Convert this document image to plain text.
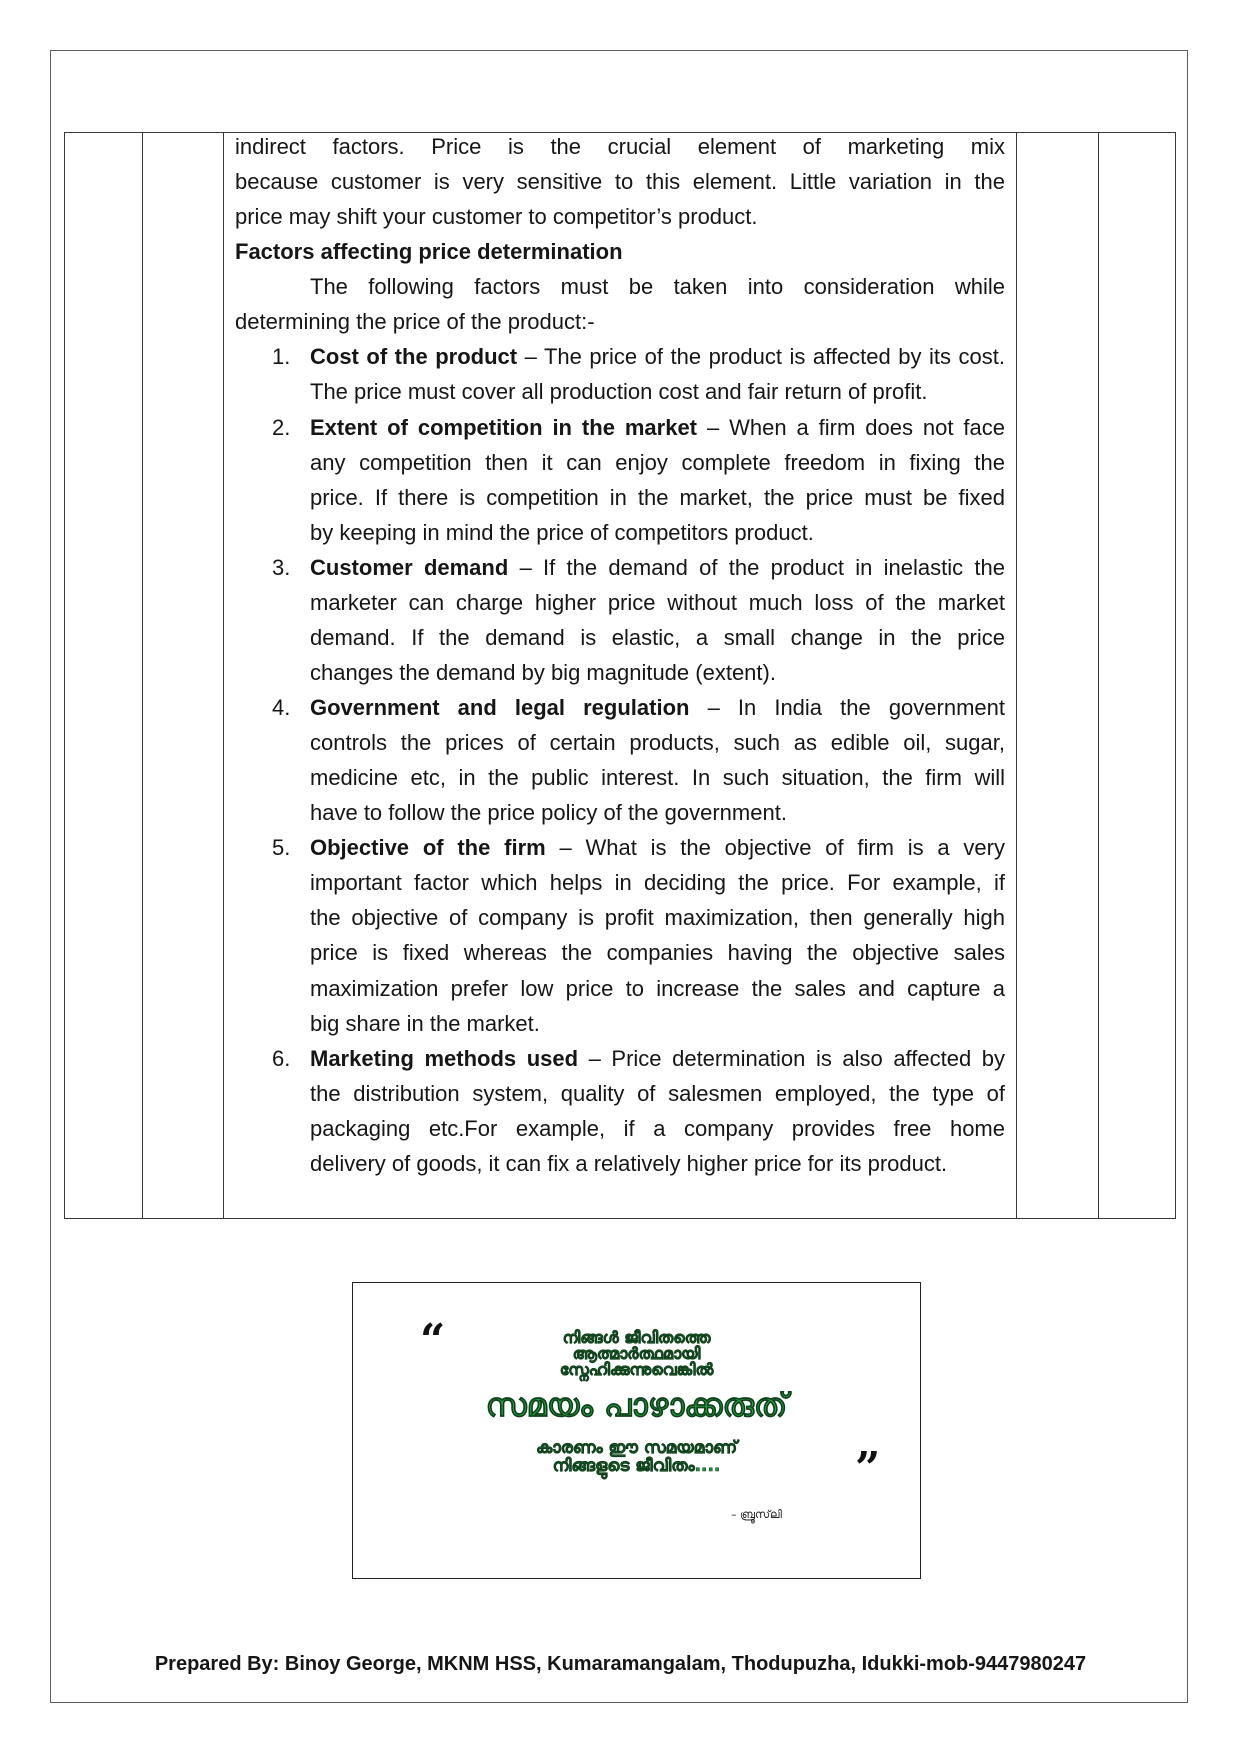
indirect factors. Price is the crucial element of marketing mix
because customer is very sensitive to this element. Little variation in the
price may shift your customer to competitor’s product.
Factors affecting price determination
The following factors must be taken into consideration while
determining the price of the product:-
1. Cost of the product – The price of the product is affected by its cost.
The price must cover all production cost and fair return of profit.
2. Extent of competition in the market – When a firm does not face
any competition then it can enjoy complete freedom in fixing the
price. If there is competition in the market, the price must be fixed
by keeping in mind the price of competitors product.
3. Customer demand – If the demand of the product in inelastic the
marketer can charge higher price without much loss of the market
demand. If the demand is elastic, a small change in the price
changes the demand by big magnitude (extent).
4. Government and legal regulation – In India the government
controls the prices of certain products, such as edible oil, sugar,
medicine etc, in the public interest. In such situation, the firm will
have to follow the price policy of the government.
5. Objective of the firm – What is the objective of firm is a very
important factor which helps in deciding the price. For example, if
the objective of company is profit maximization, then generally high
price is fixed whereas the companies having the objective sales
maximization prefer low price to increase the sales and capture a
big share in the market.
6. Marketing methods used – Price determination is also affected by
the distribution system, quality of salesmen employed, the type of
packaging etc.For example, if a company provides free home
delivery of goods, it can fix a relatively higher price for its product.
“	നിങ്ങൾ ജീവിതത്തെ
ആത്മാർത്ഥമായി
സ്നേഹിക്കുന്നുവെങ്കിൽ
സമയം പാഴാക്കരുത്
കാരണം ഈ സമയമാണ്
നിങ്ങളുടെ ജീവിതം....	”
– ബ്രൂസ്‌ലി
Prepared By: Binoy George, MKNM HSS, Kumaramangalam, Thodupuzha, Idukki-mob-9447980247
